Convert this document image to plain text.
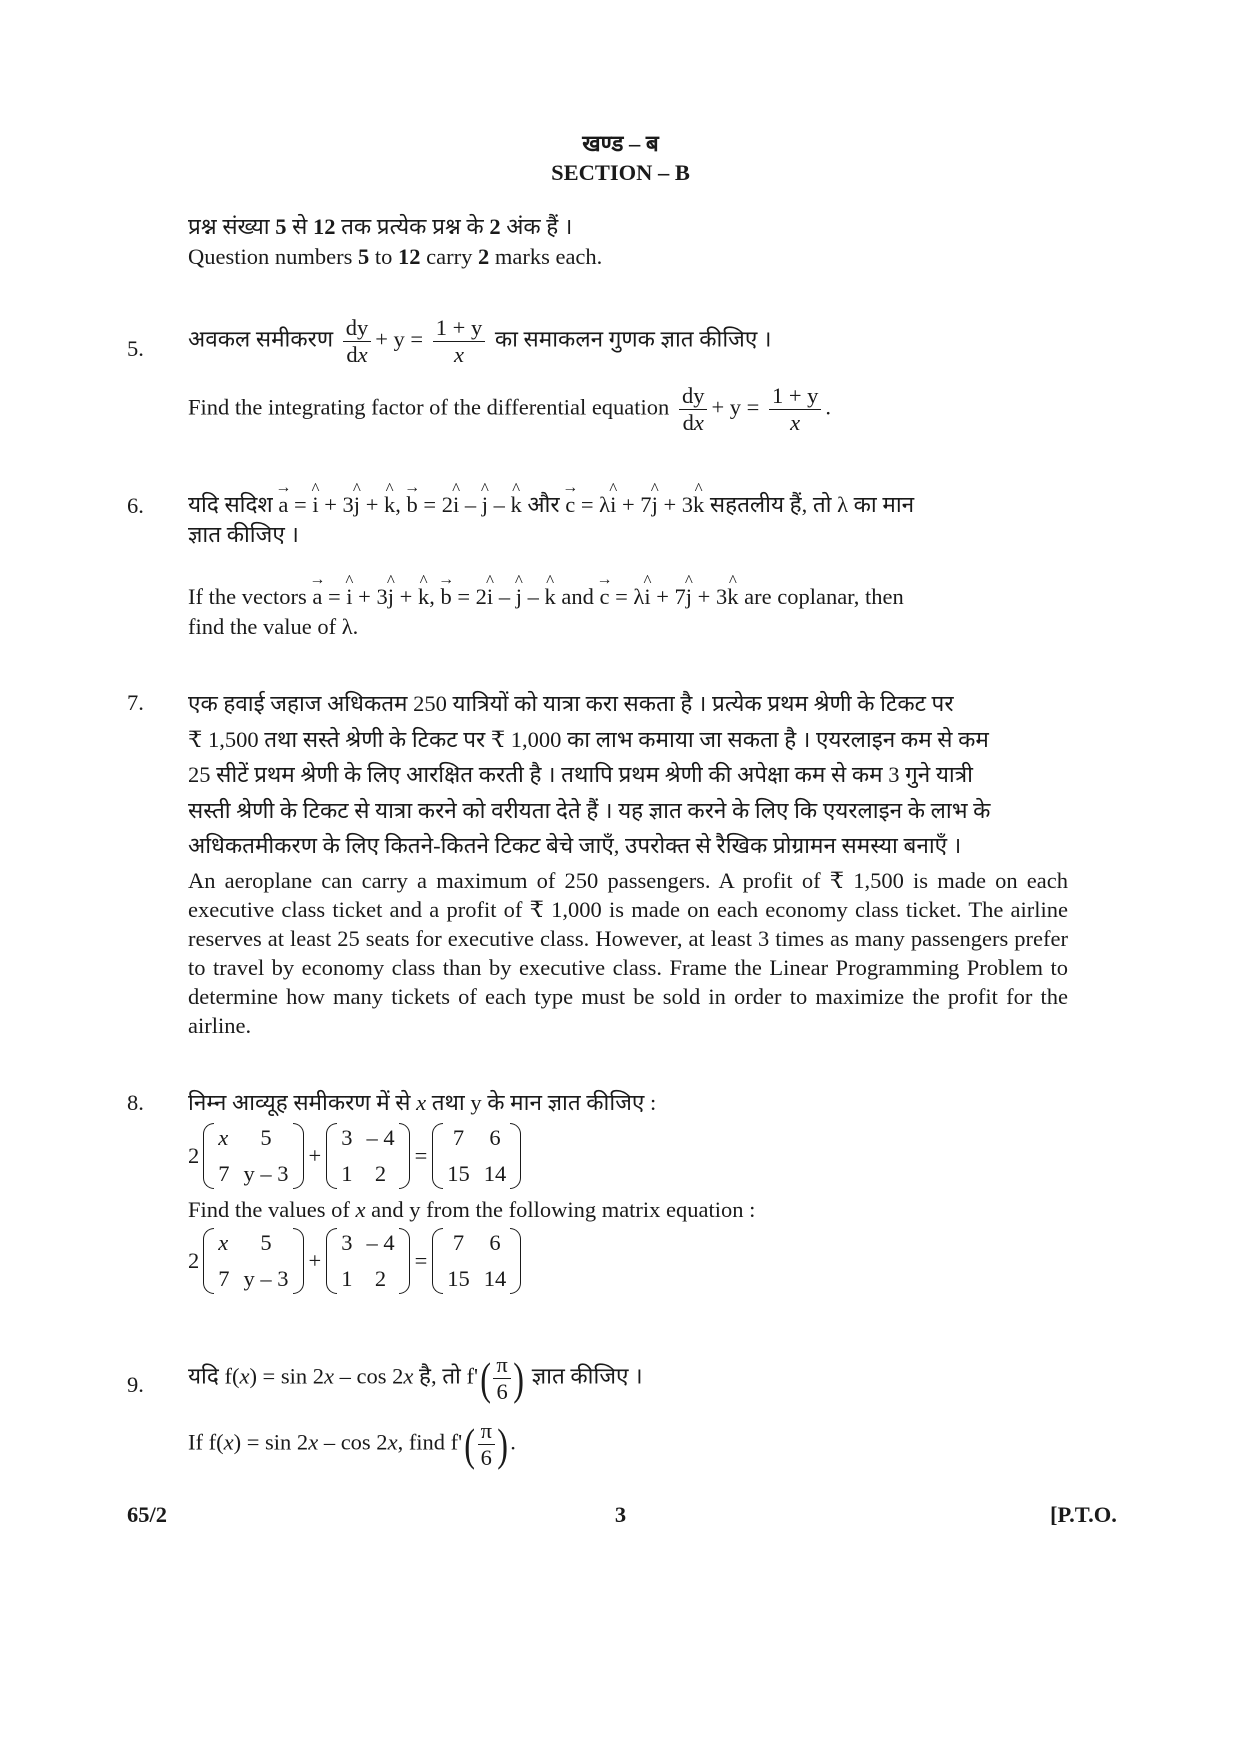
खण्ड – ब
SECTION – B
प्रश्न संख्या 5 से 12 तक प्रत्येक प्रश्न के 2 अंक हैं ।
Question numbers 5 to 12 carry 2 marks each.
5. अवकल समीकरण $\frac{dy}{dx} + y = \frac{1 + y}{x}$ का समाकलन गुणक ज्ञात कीजिए ।
Find the integrating factor of the differential equation $\frac{dy}{dx} + y = \frac{1 + y}{x}$ .
6. यदि सदिश → a = ^ i + 3^ j + ^ k, → b = 2^ i – ^ j – ^ k और → c = λ^ i + 7^ j + 3^ k सहतलीय हैं, तो λ का मान
ज्ञात कीजिए ।
If the vectors → a = ^ i + 3^ j + ^ k, → b = 2^ i – ^ j – ^ k and → c = λ^ i + 7^ j + 3^ k are coplanar, then
find the value of λ.
7. एक हवाई जहाज अधिकतम 250 यात्रियों को यात्रा करा सकता है । प्रत्येक प्रथम श्रेणी के टिकट पर
₹ 1,500 तथा सस्ते श्रेणी के टिकट पर ₹ 1,000 का लाभ कमाया जा सकता है । एयरलाइन कम से कम
25 सीटें प्रथम श्रेणी के लिए आरक्षित करती है । तथापि प्रथम श्रेणी की अपेक्षा कम से कम 3 गुने यात्री
सस्ती श्रेणी के टिकट से यात्रा करने को वरीयता देते हैं । यह ज्ञात करने के लिए कि एयरलाइन के लाभ के
अधिकतमीकरण के लिए कितने-कितने टिकट बेचे जाएँ, उपरोक्त से रैखिक प्रोग्रामन समस्या बनाएँ ।
An aeroplane can carry a maximum of 250 passengers. A profit of ₹ 1,500 is made on each executive class ticket and a profit of ₹ 1,000 is made on each economy class ticket. The airline reserves at least 25 seats for executive class. However, at least 3 times as many passengers prefer to travel by economy class than by executive class. Frame the Linear Programming Problem to determine how many tickets of each type must be sold in order to maximize the profit for the airline.
8. निम्न आव्यूह समीकरण में से x तथा y के मान ज्ञात कीजिए :
2
x	5
7 y – 3
+
3 – 4
1 2
=
7 6
15 14
Find the values of x and y from the following matrix equation :
2
x	5
7 y – 3
+
3 – 4
1 2
=
7 6
15 14
9. यदि f(x) = sin 2x – cos 2x है, तो f' ( $\frac{\pi}{6}$ ) ज्ञात कीजिए ।
If f(x) = sin 2x – cos 2x, find f' ( $\frac{\pi}{6}$ ) .
65/2	3	[P.T.O.
